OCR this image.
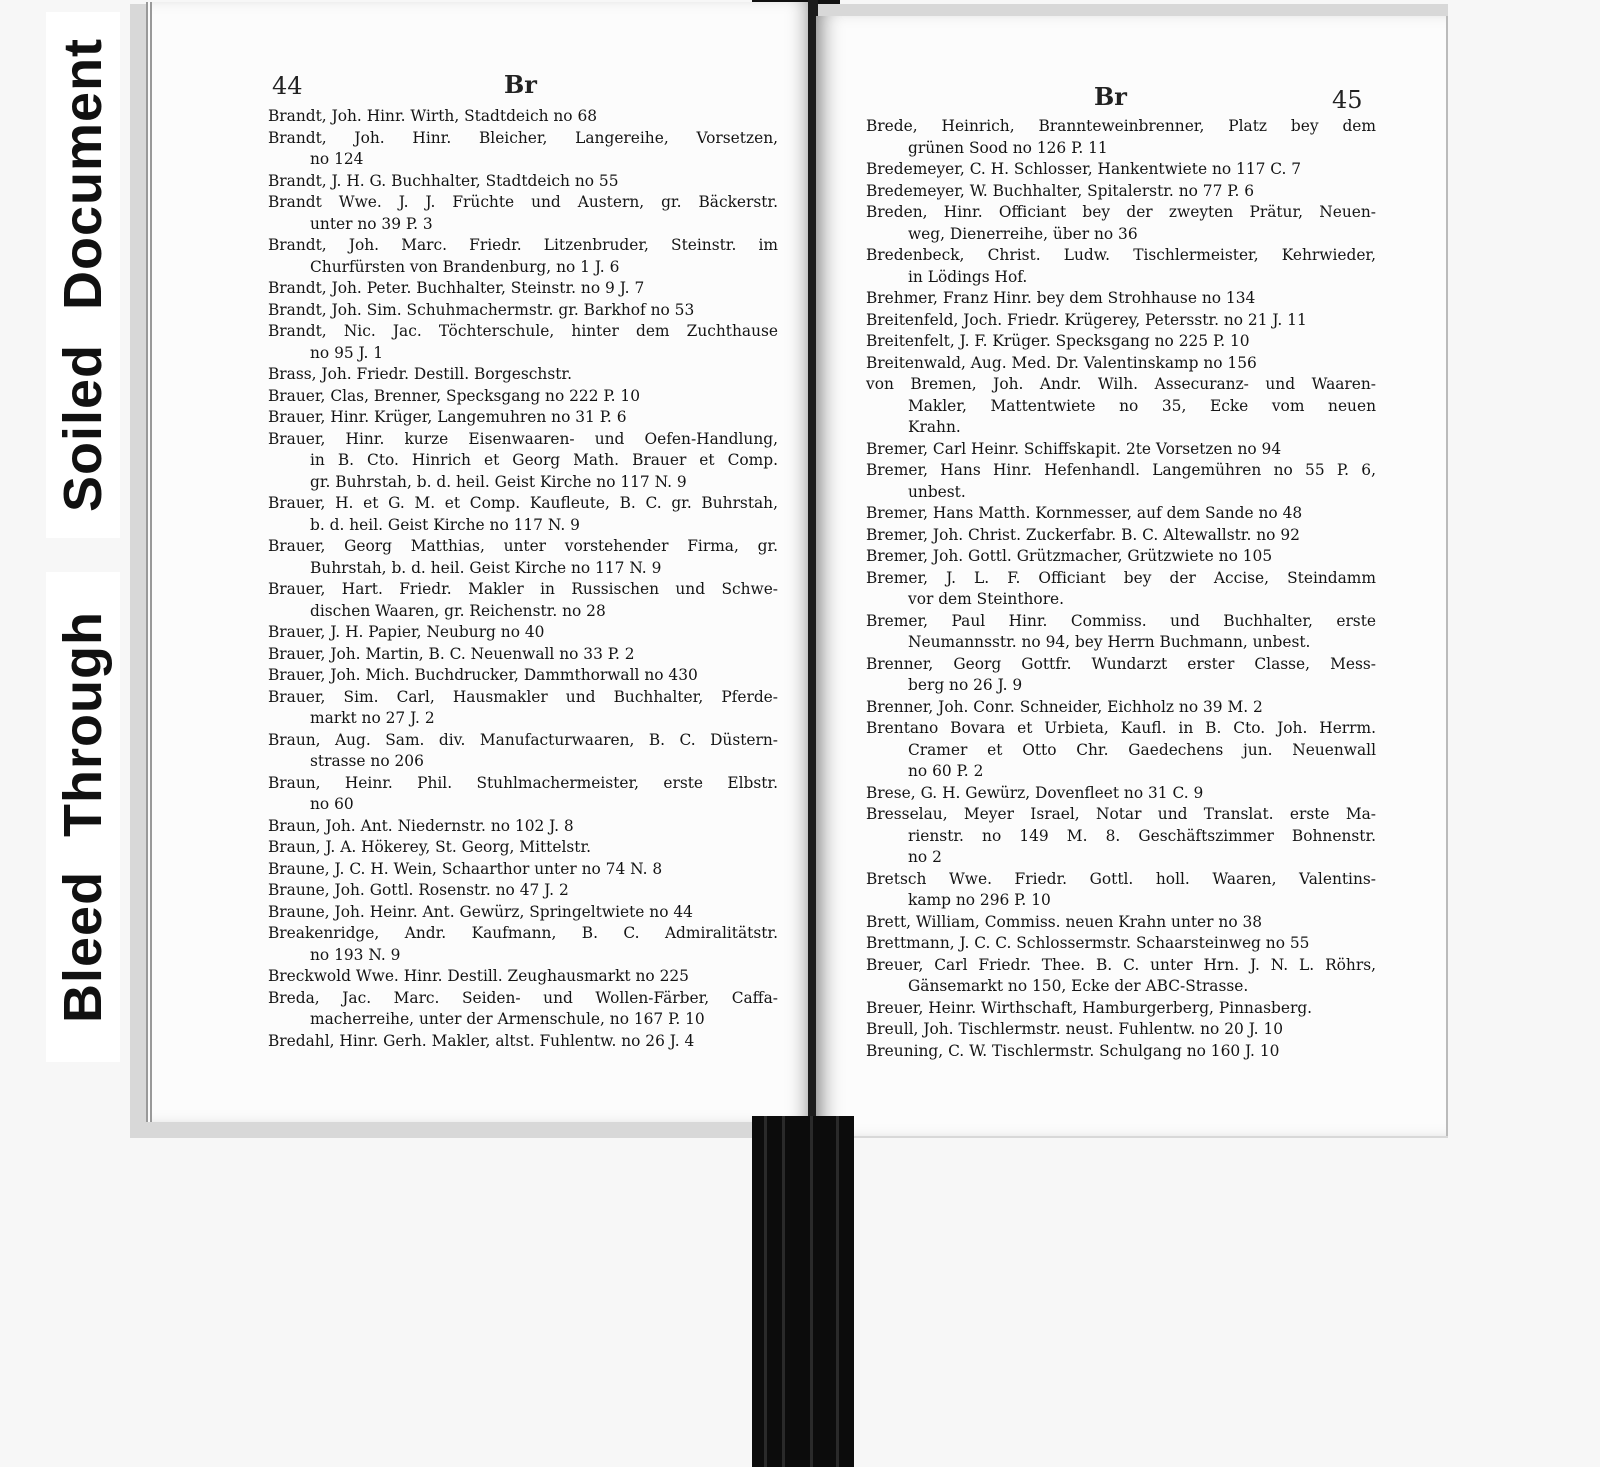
Soiled Document
Bleed Through
44	Br
Brandt, Joh. Hinr. Wirth, Stadtdeich no 68
Brandt, Joh. Hinr. Bleicher, Langereihe, Vorsetzen,
no 124
Brandt, J. H. G. Buchhalter, Stadtdeich no 55
Brandt Wwe. J. J. Früchte und Austern, gr. Bäckerstr.
unter no 39 P. 3
Brandt, Joh. Marc. Friedr. Litzenbruder, Steinstr. im
Churfürsten von Brandenburg, no 1 J. 6
Brandt, Joh. Peter. Buchhalter, Steinstr. no 9 J. 7
Brandt, Joh. Sim. Schuhmachermstr. gr. Barkhof no 53
Brandt, Nic. Jac. Töchterschule, hinter dem Zuchthause
no 95 J. 1
Brass, Joh. Friedr. Destill. Borgeschstr.
Brauer, Clas, Brenner, Specksgang no 222 P. 10
Brauer, Hinr. Krüger, Langemuhren no 31 P. 6
Brauer, Hinr. kurze Eisenwaaren- und Oefen-Handlung,
in B. Cto. Hinrich et Georg Math. Brauer et Comp.
gr. Buhrstah, b. d. heil. Geist Kirche no 117 N. 9
Brauer, H. et G. M. et Comp. Kaufleute, B. C. gr. Buhrstah,
b. d. heil. Geist Kirche no 117 N. 9
Brauer, Georg Matthias, unter vorstehender Firma, gr.
Buhrstah, b. d. heil. Geist Kirche no 117 N. 9
Brauer, Hart. Friedr. Makler in Russischen und Schwe-
dischen Waaren, gr. Reichenstr. no 28
Brauer, J. H. Papier, Neuburg no 40
Brauer, Joh. Martin, B. C. Neuenwall no 33 P. 2
Brauer, Joh. Mich. Buchdrucker, Dammthorwall no 430
Brauer, Sim. Carl, Hausmakler und Buchhalter, Pferde-
markt no 27 J. 2
Braun, Aug. Sam. div. Manufacturwaaren, B. C. Düstern-
strasse no 206
Braun, Heinr. Phil. Stuhlmachermeister, erste Elbstr.
no 60
Braun, Joh. Ant. Niedernstr. no 102 J. 8
Braun, J. A. Hökerey, St. Georg, Mittelstr.
Braune, J. C. H. Wein, Schaarthor unter no 74 N. 8
Braune, Joh. Gottl. Rosenstr. no 47 J. 2
Braune, Joh. Heinr. Ant. Gewürz, Springeltwiete no 44
Breakenridge, Andr. Kaufmann, B. C. Admiralitätstr.
no 193 N. 9
Breckwold Wwe. Hinr. Destill. Zeughausmarkt no 225
Breda, Jac. Marc. Seiden- und Wollen-Färber, Caffa-
macherreihe, unter der Armenschule, no 167 P. 10
Bredahl, Hinr. Gerh. Makler, altst. Fuhlentw. no 26 J. 4
Br	45
Brede, Heinrich, Brannteweinbrenner, Platz bey dem
grünen Sood no 126 P. 11
Bredemeyer, C. H. Schlosser, Hankentwiete no 117 C. 7
Bredemeyer, W. Buchhalter, Spitalerstr. no 77 P. 6
Breden, Hinr. Officiant bey der zweyten Prätur, Neuen-
weg, Dienerreihe, über no 36
Bredenbeck, Christ. Ludw. Tischlermeister, Kehrwieder,
in Lödings Hof.
Brehmer, Franz Hinr. bey dem Strohhause no 134
Breitenfeld, Joch. Friedr. Krügerey, Petersstr. no 21 J. 11
Breitenfelt, J. F. Krüger. Specksgang no 225 P. 10
Breitenwald, Aug. Med. Dr. Valentinskamp no 156
von Bremen, Joh. Andr. Wilh. Assecuranz- und Waaren-
Makler, Mattentwiete no 35, Ecke vom neuen
Krahn.
Bremer, Carl Heinr. Schiffskapit. 2te Vorsetzen no 94
Bremer, Hans Hinr. Hefenhandl. Langemühren no 55 P. 6,
unbest.
Bremer, Hans Matth. Kornmesser, auf dem Sande no 48
Bremer, Joh. Christ. Zuckerfabr. B. C. Altewallstr. no 92
Bremer, Joh. Gottl. Grützmacher, Grützwiete no 105
Bremer, J. L. F. Officiant bey der Accise, Steindamm
vor dem Steinthore.
Bremer, Paul Hinr. Commiss. und Buchhalter, erste
Neumannsstr. no 94, bey Herrn Buchmann, unbest.
Brenner, Georg Gottfr. Wundarzt erster Classe, Mess-
berg no 26 J. 9
Brenner, Joh. Conr. Schneider, Eichholz no 39 M. 2
Brentano Bovara et Urbieta, Kaufl. in B. Cto. Joh. Herrm.
Cramer et Otto Chr. Gaedechens jun. Neuenwall
no 60 P. 2
Brese, G. H. Gewürz, Dovenfleet no 31 C. 9
Bresselau, Meyer Israel, Notar und Translat. erste Ma-
rienstr. no 149 M. 8. Geschäftszimmer Bohnenstr.
no 2
Bretsch Wwe. Friedr. Gottl. holl. Waaren, Valentins-
kamp no 296 P. 10
Brett, William, Commiss. neuen Krahn unter no 38
Brettmann, J. C. C. Schlossermstr. Schaarsteinweg no 55
Breuer, Carl Friedr. Thee. B. C. unter Hrn. J. N. L. Röhrs,
Gänsemarkt no 150, Ecke der ABC-Strasse.
Breuer, Heinr. Wirthschaft, Hamburgerberg, Pinnasberg.
Breull, Joh. Tischlermstr. neust. Fuhlentw. no 20 J. 10
Breuning, C. W. Tischlermstr. Schulgang no 160 J. 10
